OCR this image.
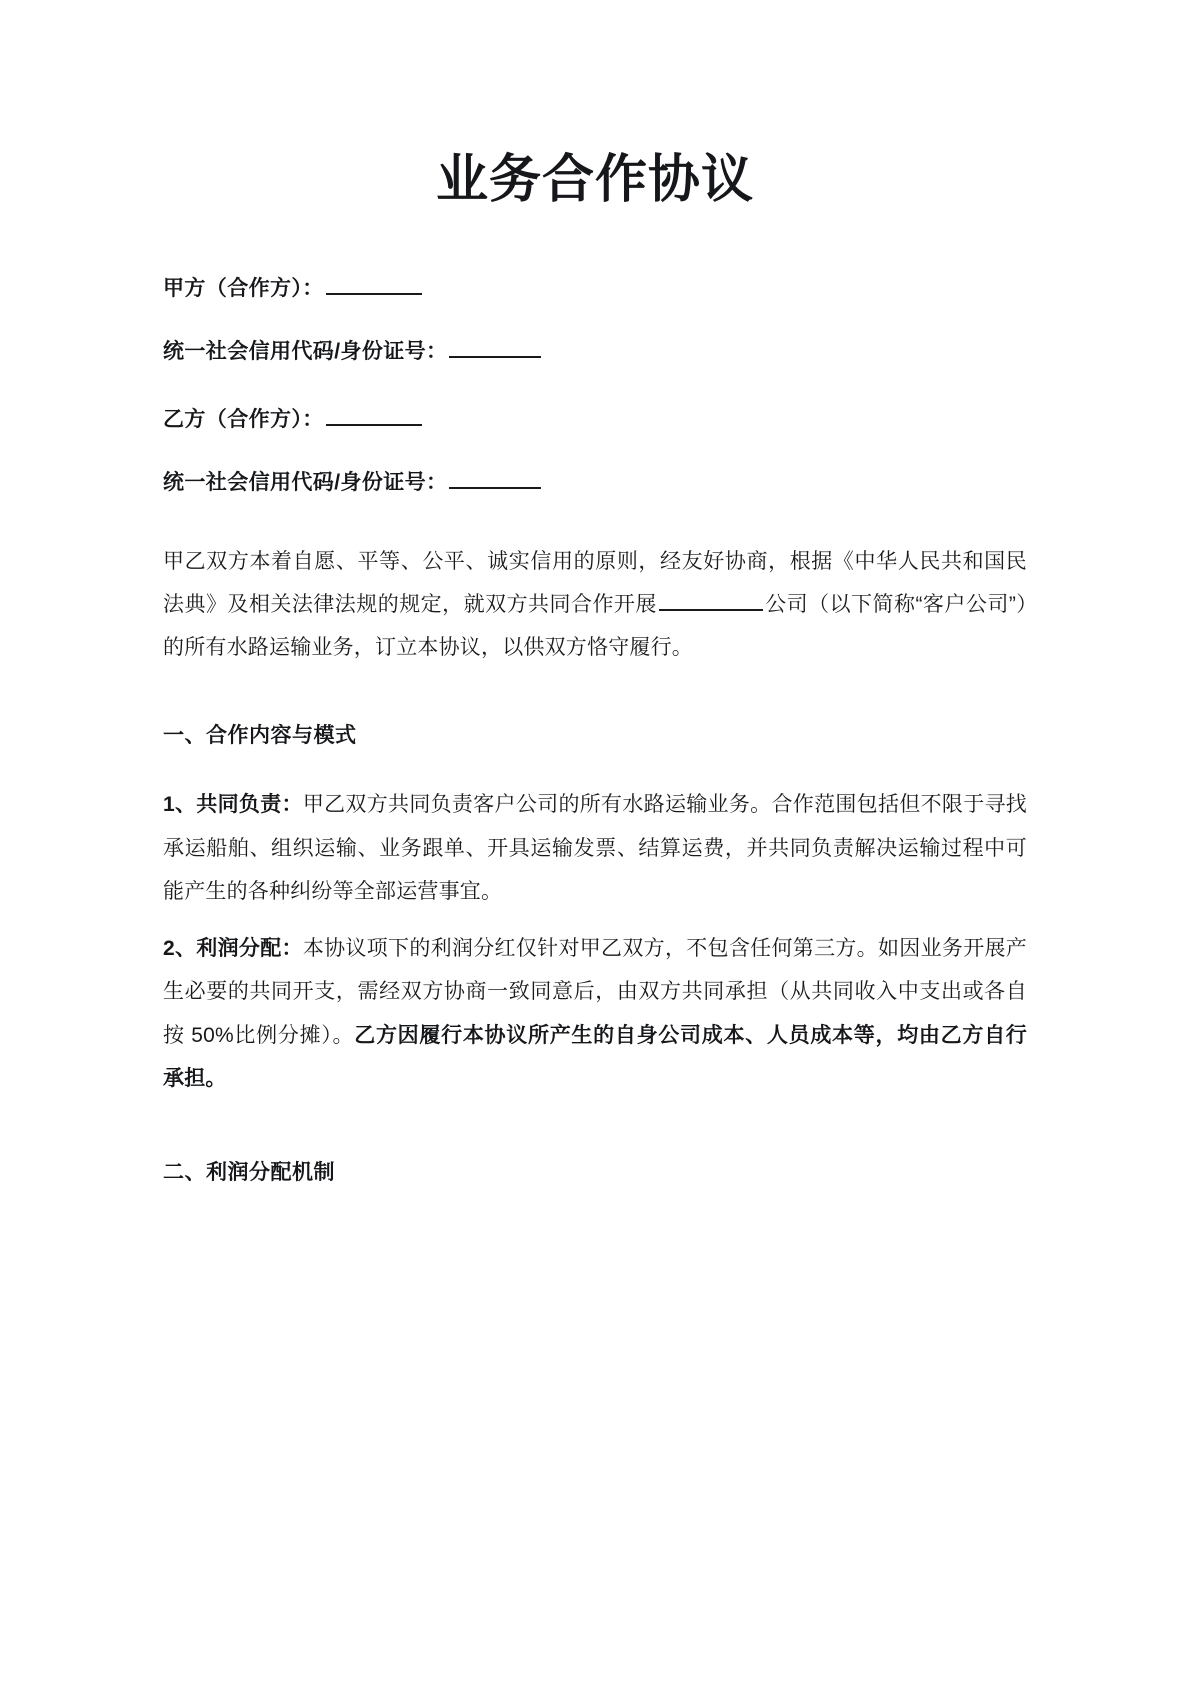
业务合作协议

甲方（合作方）：

统一社会信用代码/身份证号：

乙方（合作方）：

统一社会信用代码/身份证号：

甲乙双方本着自愿、平等、公平、诚实信用的原则，经友好协商，根据《中华人民共和国民法典》及相关法律法规的规定，就双方共同合作开展	公司（以下简称“客户公司”）的所有水路运输业务，订立本协议，以供双方恪守履行。

一、合作内容与模式

1、共同负责：甲乙双方共同负责客户公司的所有水路运输业务。合作范围包括但不限于寻找承运船舶、组织运输、业务跟单、开具运输发票、结算运费，并共同负责解决运输过程中可能产生的各种纠纷等全部运营事宜。

2、利润分配：本协议项下的利润分红仅针对甲乙双方，不包含任何第三方。如因业务开展产生必要的共同开支，需经双方协商一致同意后，由双方共同承担（从共同收入中支出或各自按 50%比例分摊）。乙方因履行本协议所产生的自身公司成本、人员成本等，均由乙方自行承担。

二、利润分配机制
